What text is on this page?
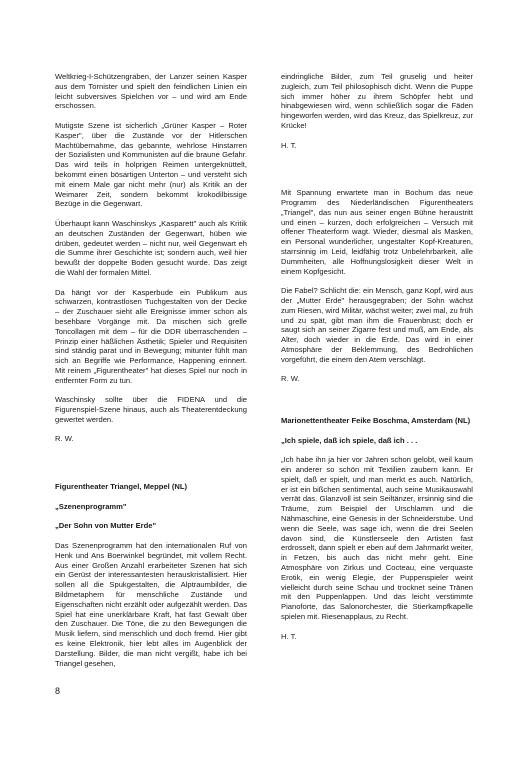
Weltkrieg-I-Schützengraben, der Lanzer seinen Kasper aus dem Tornister und spielt den feindlichen Linien ein leicht subversives Spielchen vor – und wird am Ende erschossen.

Mutigste Szene ist sicherlich „Grüner Kasper – Roter Kasper", über die Zustände vor der Hitlerschen Machtübernahme, das gebannte, wehrlose Hinstarren der Sozialisten und Kommunisten auf die braune Gefahr. Das wird teils in holprigen Reimen untergeknüttelt, bekommt einen bösartigen Unterton – und versteht sich mit einem Male gar nicht mehr (nur) als Kritik an der Weimarer Zeit, sondern bekommt krokodilbissige Bezüge in die Gegenwart.

Überhaupt kann Waschinskys „Kasparett" auch als Kritik an deutschen Zuständen der Gegenwart, hüben wie drüben, gedeutet werden – nicht nur, weil Gegenwart eh die Summe ihrer Geschichte ist; sondern auch, weil hier bewußt der doppelte Boden gesucht wurde. Das zeigt die Wahl der formalen Mittel.

Da hängt vor der Kasperbude ein Publikum aus schwarzen, kontrastlosen Tuchgestalten von der Decke – der Zuschauer sieht alle Ereignisse immer schon als besehbare Vorgänge mit. Da mischen sich grelle Toncollagen mit dem – für die DDR überraschenden – Prinzip einer häßlichen Ästhetik; Spieler und Requisiten sind ständig parat und in Bewegung; mitunter fühlt man sich an Begriffe wie Performance, Happening erinnert. Mit reinem „Figurentheater" hat dieses Spiel nur noch in entfernter Form zu tun.

Waschinsky sollte über die FIDENA und die Figurenspiel-Szene hinaus, auch als Theaterentdeckung gewertet werden.

R. W.

Figurentheater Triangel, Meppel (NL)

„Szenenprogramm"

„Der Sohn von Mutter Erde"

Das Szenenprogramm hat den internationalen Ruf von Henk und Ans Boerwinkel begründet, mit vollem Recht. Aus einer Großen Anzahl erarbeiteter Szenen hat sich ein Gerüst der interessantesten herauskristallisiert. Hier sollen all die Spukgestalten, die Alptraumbilder, die Bildmetaphern für menschliche Zustände und Eigenschaften nicht erzählt oder aufgezählt werden. Das Spiel hat eine unerklärbare Kraft, hat fast Gewalt über den Zuschauer. Die Töne, die zu den Bewegungen die Musik liefern, sind menschlich und doch fremd. Hier gibt es keine Elektronik, hier lebt alles im Augenblick der Darstellung. Bilder, die man nicht vergißt, habe ich bei Triangel gesehen,

eindringliche Bilder, zum Teil gruselig und heiter zugleich, zum Teil philosophisch dicht. Wenn die Puppe sich immer höher zu ihrem Schöpfer hebt und hinabgewiesen wird, wenn schließlich sogar die Fäden hingeworfen werden, wird das Kreuz, das Spielkreuz, zur Krücke!

H. T.

Mit Spannung erwartete man in Bochum das neue Programm des Niederländischen Figurentheaters „Triangel", das nun aus seiner engen Bühne heraustritt und einen – kurzen, doch erfolgreichen – Versuch mit offener Theaterform wagt. Wieder, diesmal als Masken, ein Personal wunderlicher, ungestalter Kopf-Kreaturen, starrsinnig im Leid, leidfähig trotz Unbelehrbarkeit, alle Dummheiten, alle Hoffnungslosigkeit dieser Welt in einem Kopfgesicht.

Die Fabel? Schlicht die: ein Mensch, ganz Kopf, wird aus der „Mutter Erde" herausgegraben; der Sohn wächst zum Riesen, wird Militär, wächst weiter; zwei mal, zu früh und zu spät, gibt man ihm die Frauenbrust; doch er saugt sich an seiner Zigarre fest und muß, am Ende, als Alter, doch wieder in die Erde. Das wird in einer Atmosphäre der Beklemmung, des Bedrohlichen vorgeführt, die einem den Atem verschlägt.

R. W.

Marionettentheater Feike Boschma, Amsterdam (NL)

„Ich spiele, daß ich spiele, daß ich . . .

„Ich habe ihn ja hier vor Jahren schon gelobt, weil kaum ein anderer so schön mit Textilien zaubern kann. Er spielt, daß er spielt, und man merkt es auch. Natürlich, er ist ein bißchen sentimental, auch seine Musikauswahl verrät das. Glanzvoll ist sein Seiltänzer, irrsinnig sind die Träume, zum Beispiel der Urschlamm und die Nähmaschine, eine Genesis in der Schneiderstube. Und wenn die Seele, was sage ich, wenn die drei Seelen davon sind, die Künstlerseele den Artisten fast erdrosselt, dann spielt er eben auf dem Jahrmarkt weiter, in Fetzen, bis auch das nicht mehr geht. Eine Atmosphäre von Zirkus und Cocteau, eine verquaste Erotik, ein wenig Elegie, der Puppenspieler weint vielleicht durch seine Schau und trocknet seine Tränen mit den Puppenlappen. Und das leicht verstimmte Pianoforte, das Salonorchester, die Stierkampfkapelle spielen mit. Riesenapplaus, zu Recht.

H. T.

8
